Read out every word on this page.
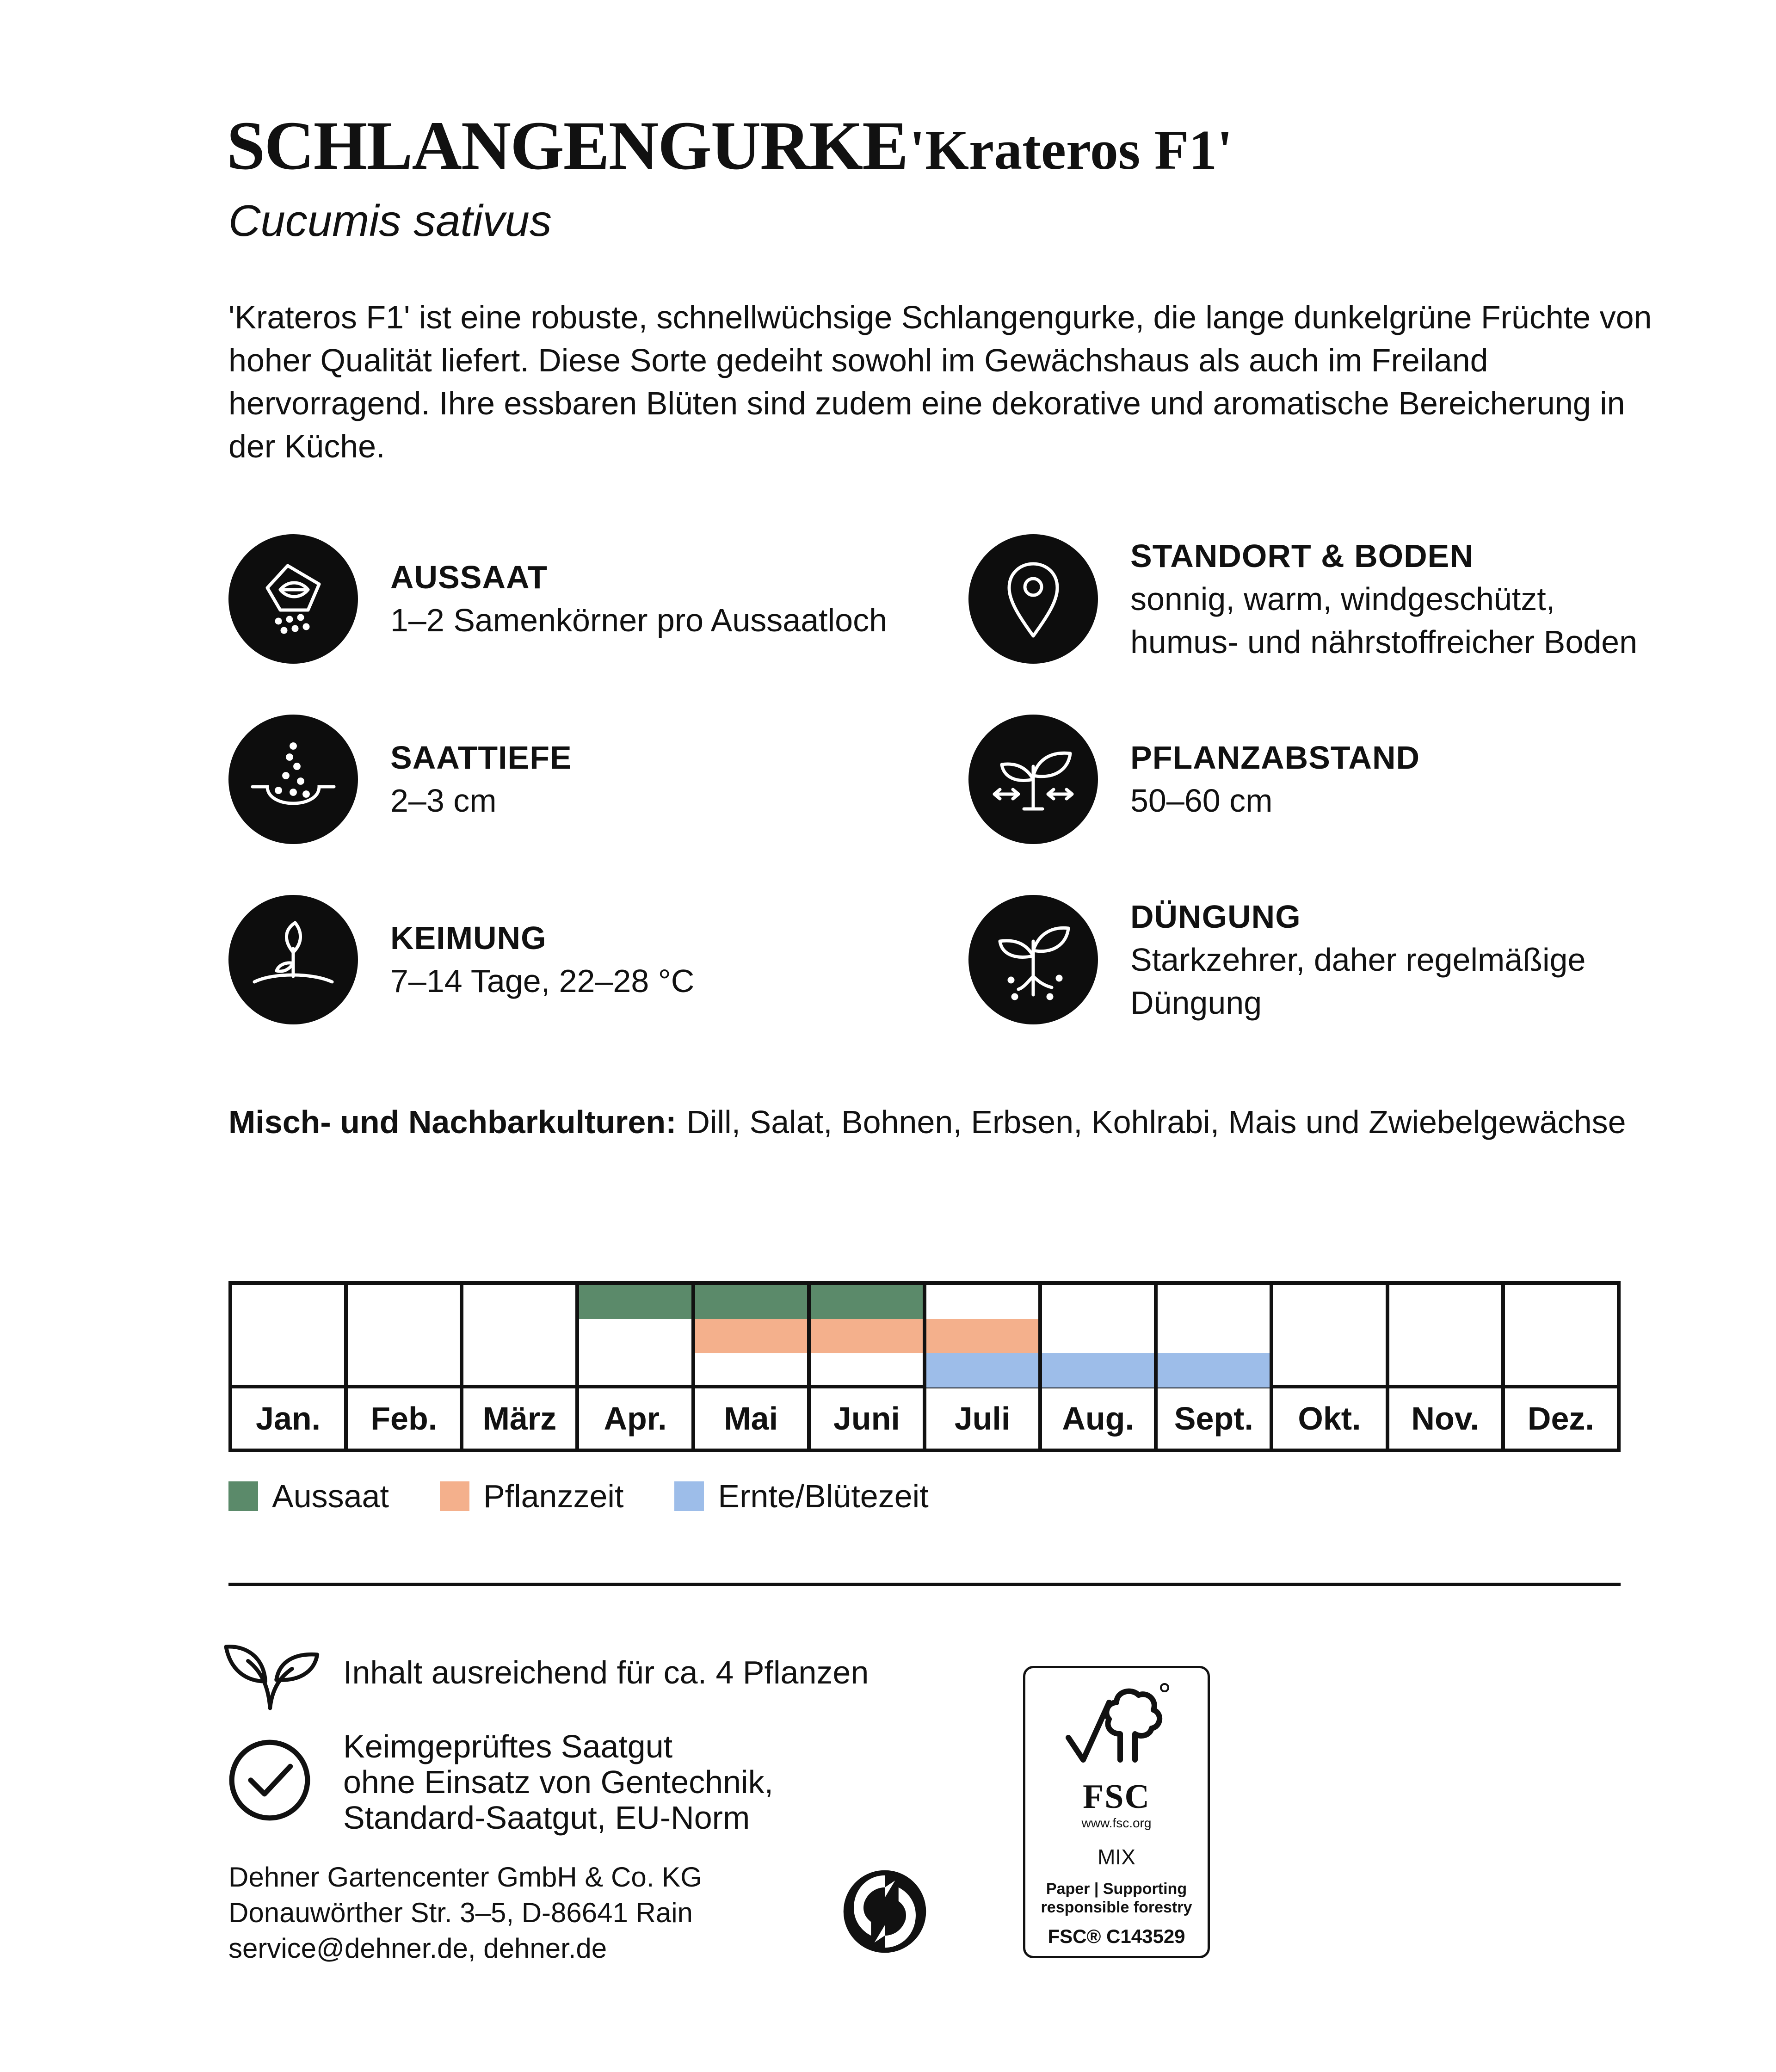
SCHLANGENGURKE 'Krateros F1'
Cucumis sativus
'Krateros F1' ist eine robuste, schnellwüchsige Schlangengurke, die lange dunkelgrüne Früchte von hoher Qualität liefert. Diese Sorte gedeiht sowohl im Gewächshaus als auch im Freiland hervorragend. Ihre essbaren Blüten sind zudem eine dekorative und aromatische Bereicherung in der Küche.
AUSSAAT
1–2 Samenkörner pro Aussaatloch
SAATTIEFE
2–3 cm
KEIMUNG
7–14 Tage, 22–28 °C
STANDORT & BODEN
sonnig, warm, windgeschützt,
humus- und nährstoffreicher Boden
PFLANZABSTAND
50–60 cm
DÜNGUNG
Starkzehrer, daher regelmäßige
Düngung
Misch- und Nachbarkulturen: Dill, Salat, Bohnen, Erbsen, Kohlrabi, Mais und Zwiebelgewächse

Jan.	Feb.	März	Apr.	Mai	Juni	Juli	Aug.	Sept.	Okt.	Nov.	Dez.
Aussaat	Pflanzzeit	Ernte/Blütezeit
Inhalt ausreichend für ca. 4 Pflanzen
Keimgeprüftes Saatgut
ohne Einsatz von Gentechnik,
Standard-Saatgut, EU-Norm
Dehner Gartencenter GmbH & Co. KG
Donauwörther Str. 3–5, D-86641 Rain
service@dehner.de, dehner.de
FSC
www.fsc.org
MIX
Paper | Supporting
responsible forestry
FSC® C143529
